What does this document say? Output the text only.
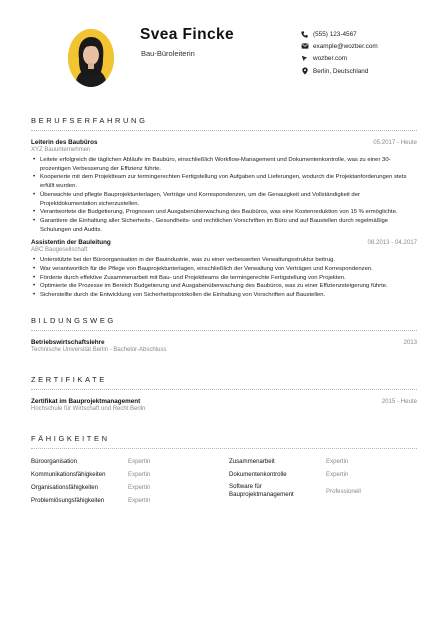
Svea Fincke
Bau-Büroleiterin
(555) 123-4567
example@wozber.com
wozber.com
Berlin, Deutschland
BERUFSERFAHRUNG
Leiterin des Baubüros	05.2017 - Heute
XYZ Bauunternehmen
• Leitete erfolgreich die täglichen Abläufe im Baubüro, einschließlich Workflow-Management und Dokumentenkontrolle, was zu einer 30-prozentigen Verbesserung der Effizienz führte.
• Kooperierte mit dem Projektteam zur termingerechten Fertigstellung von Aufgaben und Lieferungen, wodurch die Projektanforderungen stets erfüllt wurden.
• Überwachte und pflegte Bauprojektunterlagen, Verträge und Korrespondenzen, um die Genauigkeit und Vollständigkeit der Projektdokumentation sicherzustellen.
• Verantwortete die Budgetierung, Prognosen und Ausgabenüberwachung des Baubüros, was eine Kostenreduktion von 15 % ermöglichte.
• Garantiere die Einhaltung aller Sicherheits-, Gesundheits- und rechtlichen Vorschriften im Büro und auf Baustellen durch regelmäßige Schulungen und Audits.
Assistentin der Bauleitung	08.2013 - 04.2017
ABC Baugesellschaft
• Unterstützte bei der Büroorganisation in der Bauindustrie, was zu einer verbesserten Verwaltungsstruktur beitrug.
• War verantwortlich für die Pflege von Bauprojektunterlagen, einschließlich der Verwaltung von Verträgen und Korrespondenzen.
• Förderte durch effektive Zusammenarbeit mit Bau- und Projektteams die termingerechte Fertigstellung von Projekten.
• Optimierte die Prozesse im Bereich Budgetierung und Ausgabenüberwachung des Baubüros, was zu einer Effizienzsteigerung führte.
• Sicherstellte durch die Entwicklung von Sicherheitsprotokollen die Einhaltung von Vorschriften auf Baustellen.
BILDUNGSWEG
Betriebswirtschaftslehre	2013
Technische Universität Berlin - Bachelor-Abschluss
ZERTIFIKATE
Zertifikat im Bauprojektmanagement	2015 - Heute
Hochschule für Wirtschaft und Recht Berlin
FÄHIGKEITEN
Büroorganisation	Expertin	Zusammenarbeit	Expertin
Kommunikationsfähigkeiten	Expertin	Dokumentenkontrolle	Expertin
Organisationsfähigkeiten	Expertin	Software für Bauprojektmanagement	Professionell
Problemlösungsfähigkeiten	Expertin
